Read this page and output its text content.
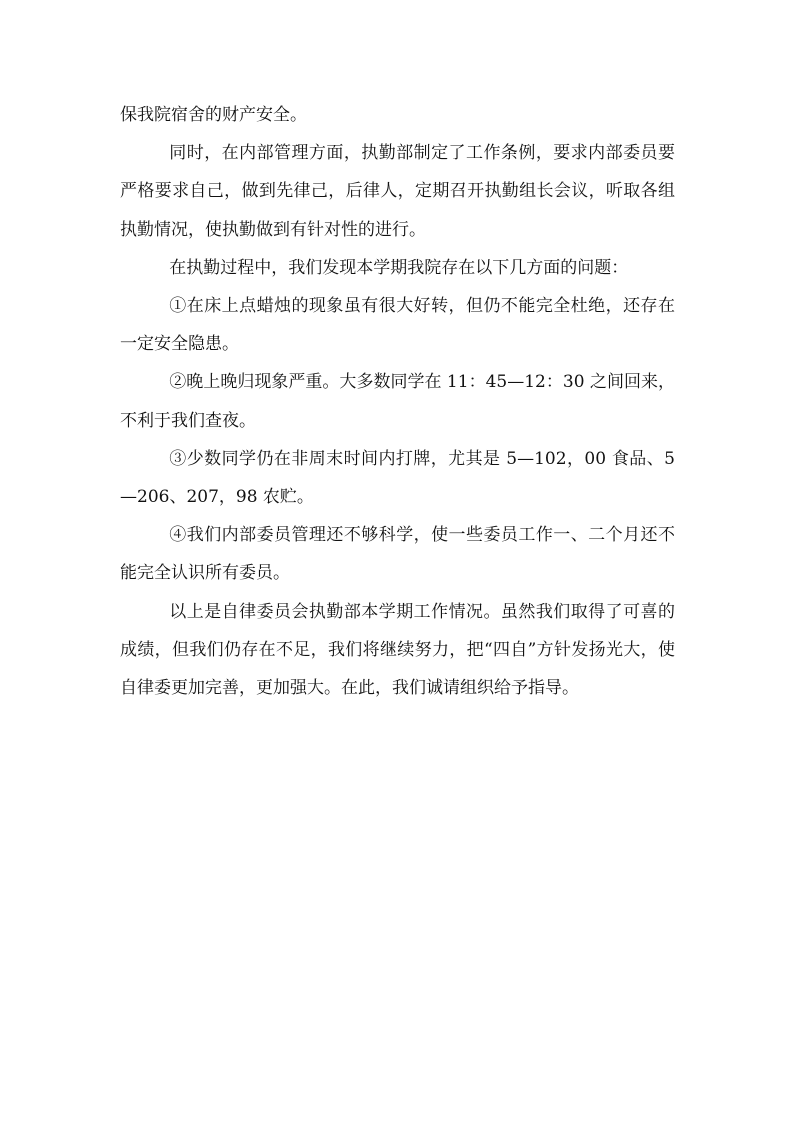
保我院宿舍的财产安全。

同时，在内部管理方面，执勤部制定了工作条例，要求内部委员要严格要求自己，做到先律己，后律人，定期召开执勤组长会议，听取各组执勤情况，使执勤做到有针对性的进行。

在执勤过程中，我们发现本学期我院存在以下几方面的问题：

①在床上点蜡烛的现象虽有很大好转，但仍不能完全杜绝，还存在一定安全隐患。

②晚上晚归现象严重。大多数同学在 11：45—12：30 之间回来，不利于我们查夜。

③少数同学仍在非周末时间内打牌，尤其是 5—102，00 食品、5—206、207，98 农贮。

④我们内部委员管理还不够科学，使一些委员工作一、二个月还不能完全认识所有委员。

以上是自律委员会执勤部本学期工作情况。虽然我们取得了可喜的成绩，但我们仍存在不足，我们将继续努力，把“四自”方针发扬光大，使自律委更加完善，更加强大。在此，我们诚请组织给予指导。
